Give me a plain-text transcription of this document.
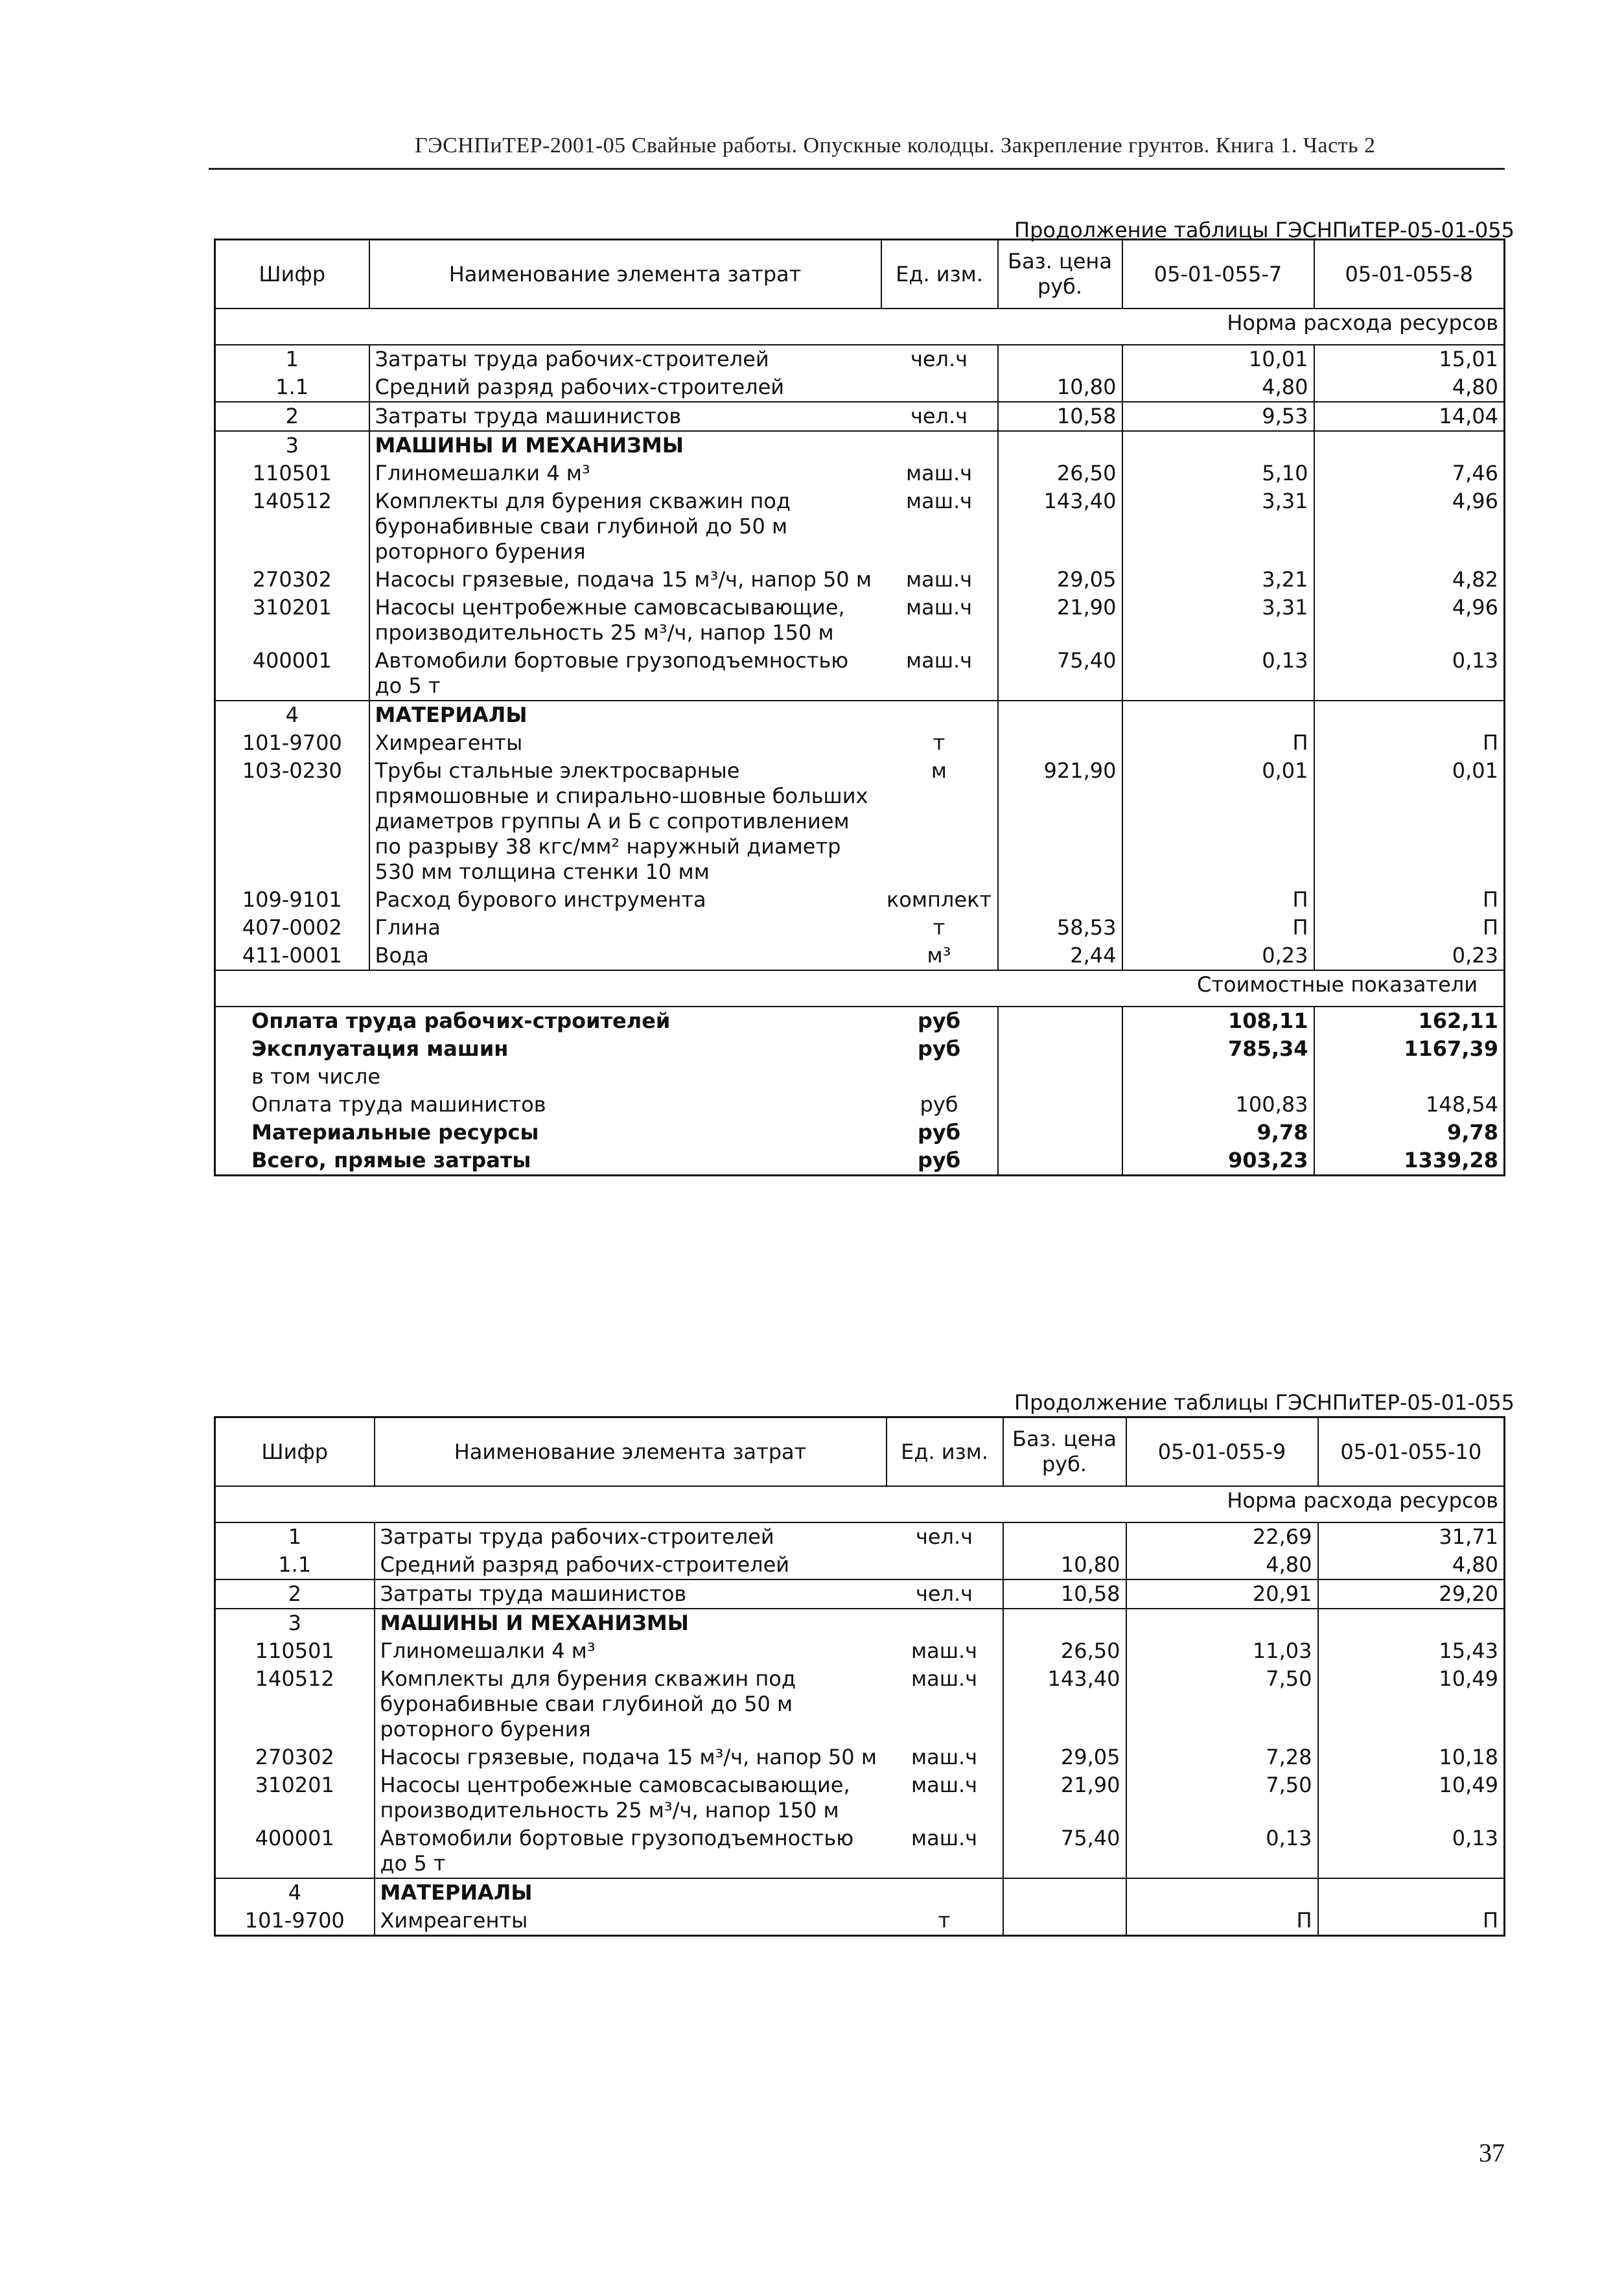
ГЭСНПиТЕР-2001-05 Свайные работы. Опускные колодцы. Закрепление грунтов. Книга 1. Часть 2
Продолжение таблицы ГЭСНПиТЕР-05-01-055
Шифр	Наименование элемента затрат	Ед. изм.	Баз. цена руб.	05-01-055-7	05-01-055-8
Норма расхода ресурсов					
1	Затраты труда рабочих-строителей	чел.ч		10,01	15,01
1.1	Средний разряд рабочих-строителей		10,80	4,80	4,80
2	Затраты труда машинистов	чел.ч	10,58	9,53	14,04
3	МАШИНЫ И МЕХАНИЗМЫ				
110501	Глиномешалки 4 м³	маш.ч	26,50	5,10	7,46
140512	Комплекты для бурения скважин под буронабивные сваи глубиной до 50 м роторного бурения	маш.ч	143,40	3,31	4,96
270302	Насосы грязевые, подача 15 м³/ч, напор 50 м	маш.ч	29,05	3,21	4,82
310201	Насосы центробежные самовсасывающие, производительность 25 м³/ч, напор 150 м	маш.ч	21,90	3,31	4,96
400001	Автомобили бортовые грузоподъемностью до 5 т	маш.ч	75,40	0,13	0,13
4	МАТЕРИАЛЫ				
101-9700	Химреагенты	т		П	П
103-0230	Трубы стальные электросварные прямошовные и спирально-шовные больших диаметров группы А и Б с сопротивлением по разрыву 38 кгс/мм² наружный диаметр 530 мм толщина стенки 10 мм	м	921,90	0,01	0,01
109-9101	Расход бурового инструмента	комплект		П	П
407-0002	Глина	т	58,53	П	П
411-0001	Вода	м³	2,44	0,23	0,23
Стоимостные показатели					
Оплата труда рабочих-строителей		руб		108,11	162,11
Эксплуатация машин		руб		785,34	1167,39
в том числе					
Оплата труда машинистов		руб		100,83	148,54
Материальные ресурсы		руб		9,78	9,78
Всего, прямые затраты		руб		903,23	1339,28
Продолжение таблицы ГЭСНПиТЕР-05-01-055
Шифр	Наименование элемента затрат	Ед. изм.	Баз. цена руб.	05-01-055-9	05-01-055-10
Норма расхода ресурсов					
1	Затраты труда рабочих-строителей	чел.ч		22,69	31,71
1.1	Средний разряд рабочих-строителей		10,80	4,80	4,80
2	Затраты труда машинистов	чел.ч	10,58	20,91	29,20
3	МАШИНЫ И МЕХАНИЗМЫ				
110501	Глиномешалки 4 м³	маш.ч	26,50	11,03	15,43
140512	Комплекты для бурения скважин под буронабивные сваи глубиной до 50 м роторного бурения	маш.ч	143,40	7,50	10,49
270302	Насосы грязевые, подача 15 м³/ч, напор 50 м	маш.ч	29,05	7,28	10,18
310201	Насосы центробежные самовсасывающие, производительность 25 м³/ч, напор 150 м	маш.ч	21,90	7,50	10,49
400001	Автомобили бортовые грузоподъемностью до 5 т	маш.ч	75,40	0,13	0,13
4	МАТЕРИАЛЫ				
101-9700	Химреагенты	т		П	П
37
